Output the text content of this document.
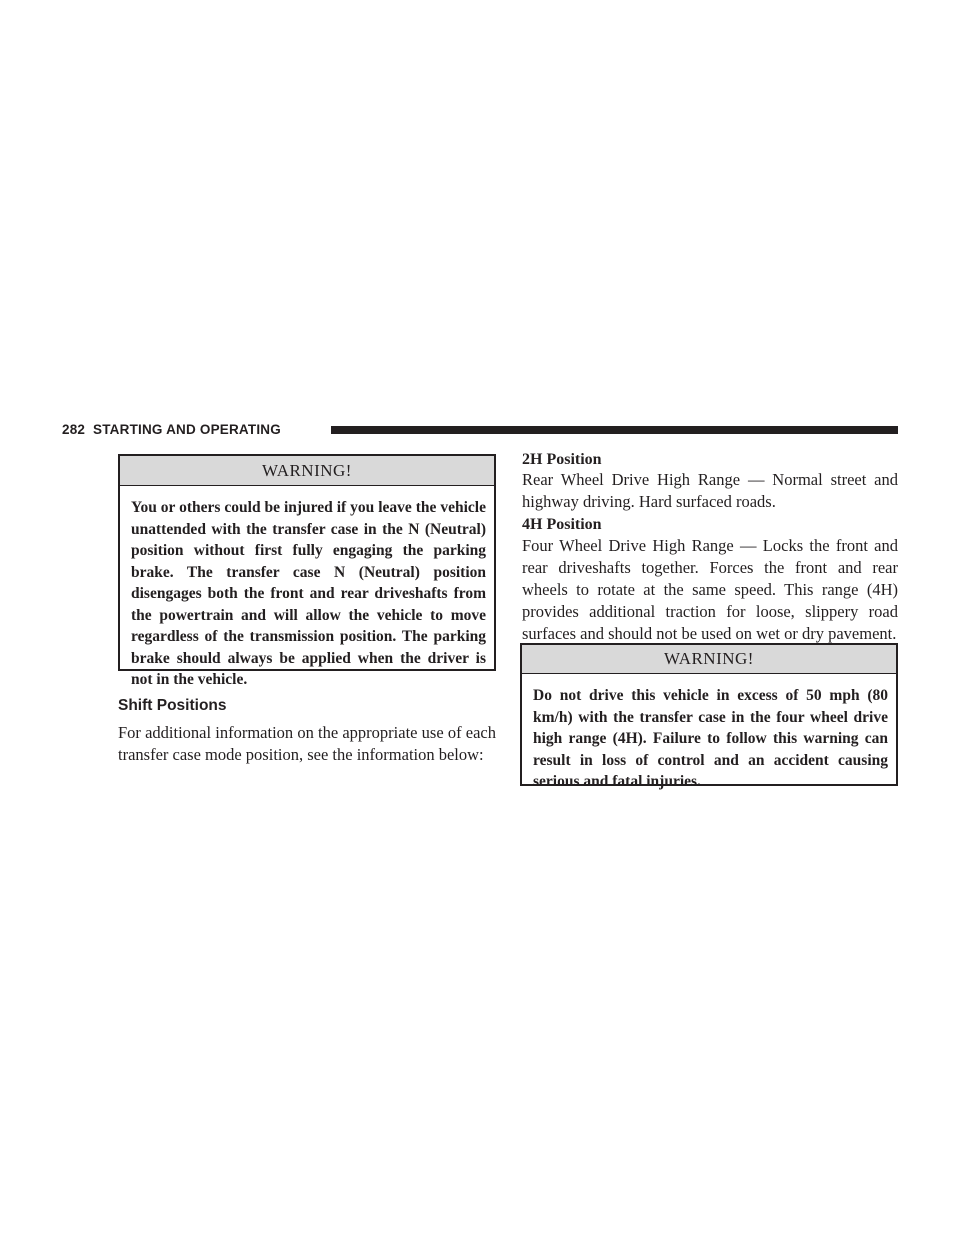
282 STARTING AND OPERATING
WARNING!
You or others could be injured if you leave the vehicle unattended with the transfer case in the N (Neutral) position without first fully engaging the parking brake. The transfer case N (Neutral) position disengages both the front and rear driveshafts from the powertrain and will allow the vehicle to move regardless of the transmission position. The parking brake should always be applied when the driver is not in the vehicle.
Shift Positions
For additional information on the appropriate use of each transfer case mode position, see the information below:
2H Position
Rear Wheel Drive High Range — Normal street and highway driving. Hard surfaced roads.
4H Position
Four Wheel Drive High Range — Locks the front and rear driveshafts together. Forces the front and rear wheels to rotate at the same speed. This range (4H) provides additional traction for loose, slippery road surfaces and should not be used on wet or dry pavement.
WARNING!
Do not drive this vehicle in excess of 50 mph (80 km/h) with the transfer case in the four wheel drive high range (4H). Failure to follow this warning can result in loss of control and an accident causing serious and fatal injuries.
